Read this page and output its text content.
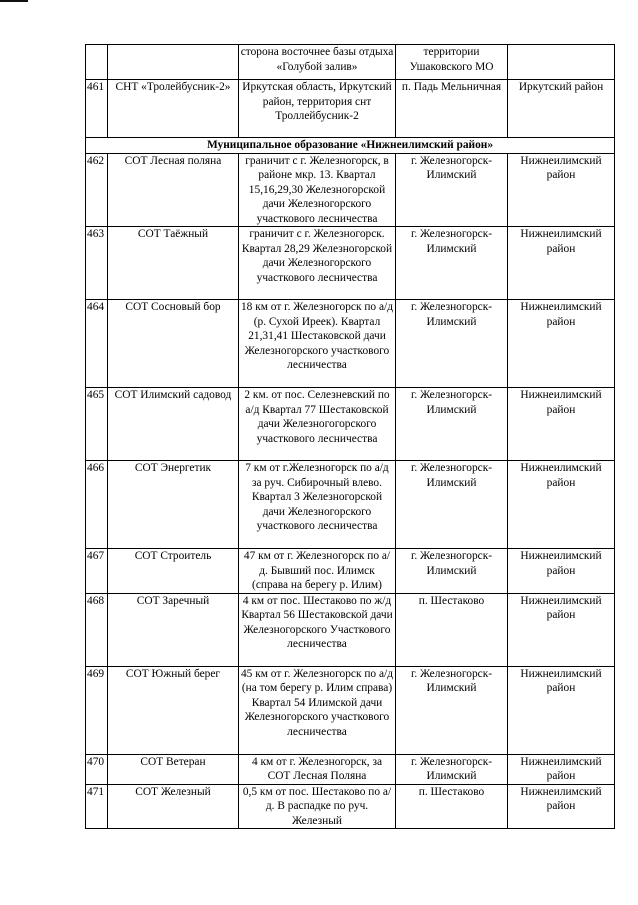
		сторона восточнее базы отдыха «Голубой залив»	территории Ушаковского МО	
461	СНТ «Тролейбусник-2»	Иркутская область, Иркутский район, территория снт Троллейбусник-2	п. Падь Мельничная	Иркутский район
Муниципальное образование «Нижнеилимский район»				
462	СОТ Лесная поляна	граничит с г. Железногорск, в районе мкр. 13. Квартал 15,16,29,30 Железногорской дачи Железногорского участкового лесничества	г. Железногорск-Илимский	Нижнеилимский район
463	СОТ Таёжный	граничит с г. Железногорск. Квартал 28,29 Железногорской дачи Железногорского участкового лесничества	г. Железногорск-Илимский	Нижнеилимский район
464	СОТ Сосновый бор	18 км от г. Железногорск по а/д (р. Сухой Иреек). Квартал 21,31,41 Шестаковской дачи Железногорского участкового лесничества	г. Железногорск-Илимский	Нижнеилимский район
465	СОТ Илимский садовод	2 км. от пос. Селезневский по а/д Квартал 77 Шестаковской дачи Железногогорского участкового лесничества	г. Железногорск-Илимский	Нижнеилимский район
466	СОТ Энергетик	7 км от г.Железногорск по а/д за руч. Сибирочный влево. Квартал 3 Железногорской дачи Железногорского участкового лесничества	г. Железногорск-Илимский	Нижнеилимский район
467	СОТ Строитель	47 км от г. Железногорск по а/д. Бывший пос. Илимск (справа на берегу р. Илим)	г. Железногорск-Илимский	Нижнеилимский район
468	СОТ Заречный	4 км от пос. Шестаково по ж/д Квартал 56 Шестаковской дачи Железногорского Участкового лесничества	п. Шестаково	Нижнеилимский район
469	СОТ Южный берег	45 км от г. Железногорск по а/д (на том берегу р. Илим справа) Квартал 54 Илимской дачи Железногорского участкового лесничества	г. Железногорск-Илимский	Нижнеилимский район
470	СОТ Ветеран	4 км от г. Железногорск, за СОТ Лесная Поляна	г. Железногорск-Илимский	Нижнеилимский район
471	СОТ Железный	0,5 км от пос. Шестаково по а/д. В распадке по руч. Железный	п. Шестаково	Нижнеилимский район
